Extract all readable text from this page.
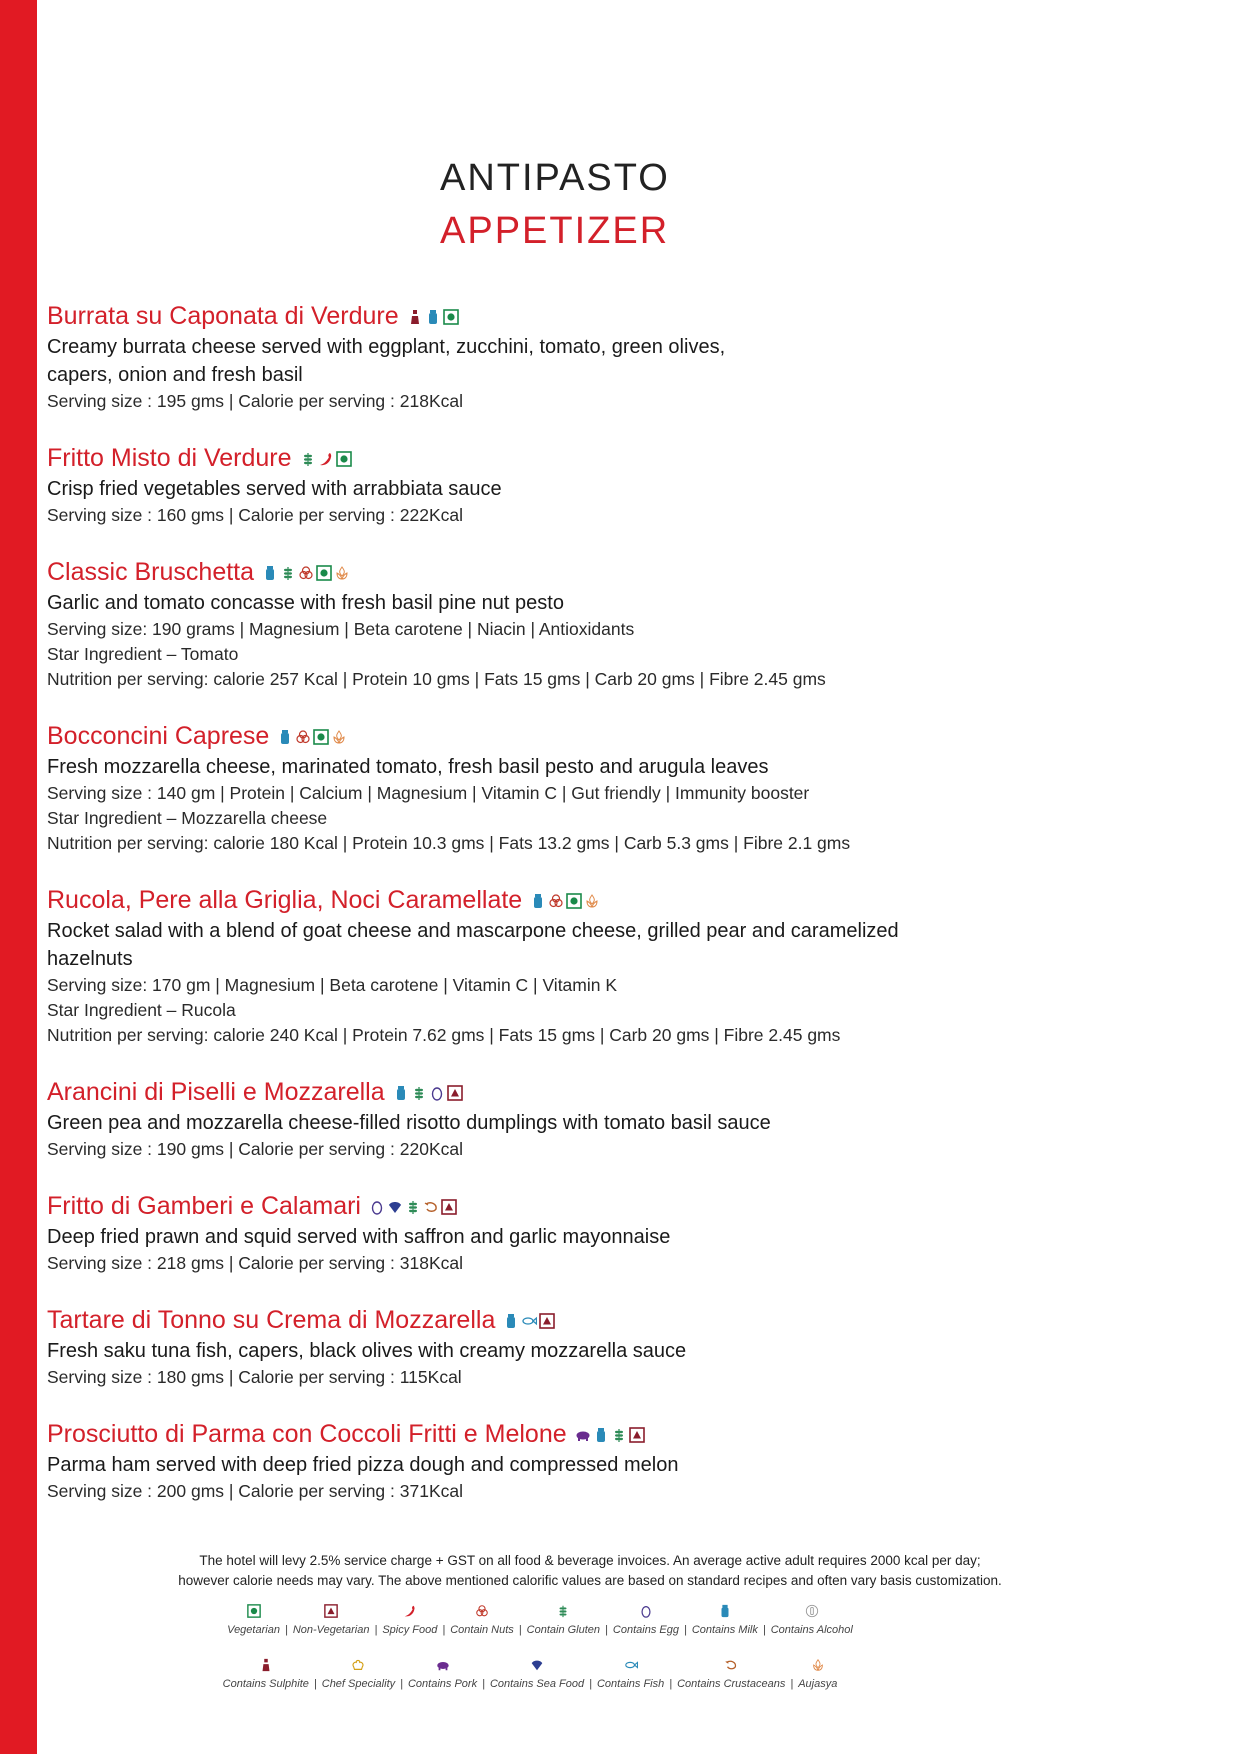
ANTIPASTO
APPETIZER
Burrata su Caponata di Verdure
Creamy burrata cheese served with eggplant, zucchini, tomato, green olives, capers, onion and fresh basil
Serving size : 195 gms | Calorie per serving : 218Kcal
Fritto Misto di Verdure
Crisp fried vegetables served with arrabbiata sauce
Serving size : 160 gms | Calorie per serving : 222Kcal
Classic Bruschetta
Garlic and tomato concasse with fresh basil pine nut pesto
Serving size: 190 grams | Magnesium | Beta carotene | Niacin | Antioxidants
Star Ingredient – Tomato
Nutrition per serving: calorie 257 Kcal | Protein 10 gms | Fats 15 gms | Carb 20 gms | Fibre 2.45 gms
Bocconcini Caprese
Fresh mozzarella cheese, marinated tomato, fresh basil pesto and arugula leaves
Serving size : 140 gm | Protein | Calcium | Magnesium | Vitamin C | Gut friendly | Immunity booster
Star Ingredient – Mozzarella cheese
Nutrition per serving: calorie 180 Kcal | Protein 10.3 gms | Fats 13.2 gms | Carb 5.3 gms | Fibre 2.1 gms
Rucola, Pere alla Griglia, Noci Caramellate
Rocket salad with a blend of goat cheese and mascarpone cheese, grilled pear and caramelized hazelnuts
Serving size: 170 gm | Magnesium | Beta carotene | Vitamin C | Vitamin K
Star Ingredient – Rucola
Nutrition per serving: calorie 240 Kcal | Protein 7.62 gms | Fats 15 gms | Carb 20 gms | Fibre 2.45 gms
Arancini di Piselli e Mozzarella
Green pea and mozzarella cheese-filled risotto dumplings with tomato basil sauce
Serving size : 190 gms | Calorie per serving : 220Kcal
Fritto di Gamberi e Calamari
Deep fried prawn and squid served with saffron and garlic mayonnaise
Serving size : 218 gms | Calorie per serving : 318Kcal
Tartare di Tonno su Crema di Mozzarella
Fresh saku tuna fish, capers, black olives with creamy mozzarella sauce
Serving size : 180 gms | Calorie per serving : 115Kcal
Prosciutto di Parma con Coccoli Fritti e Melone
Parma ham served with deep fried pizza dough and compressed melon
Serving size : 200 gms | Calorie per serving : 371Kcal
The hotel will levy 2.5% service charge + GST on all food & beverage invoices. An average active adult requires 2000 kcal per day;
however calorie needs may vary. The above mentioned calorific values are based on standard recipes and often vary basis customization.
Vegetarian | Non-Vegetarian | Spicy Food | Contain Nuts | Contain Gluten | Contains Egg | Contains Milk | Contains Alcohol
Contains Sulphite | Chef Speciality | Contains Pork | Contains Sea Food | Contains Fish | Contains Crustaceans | Aujasya
